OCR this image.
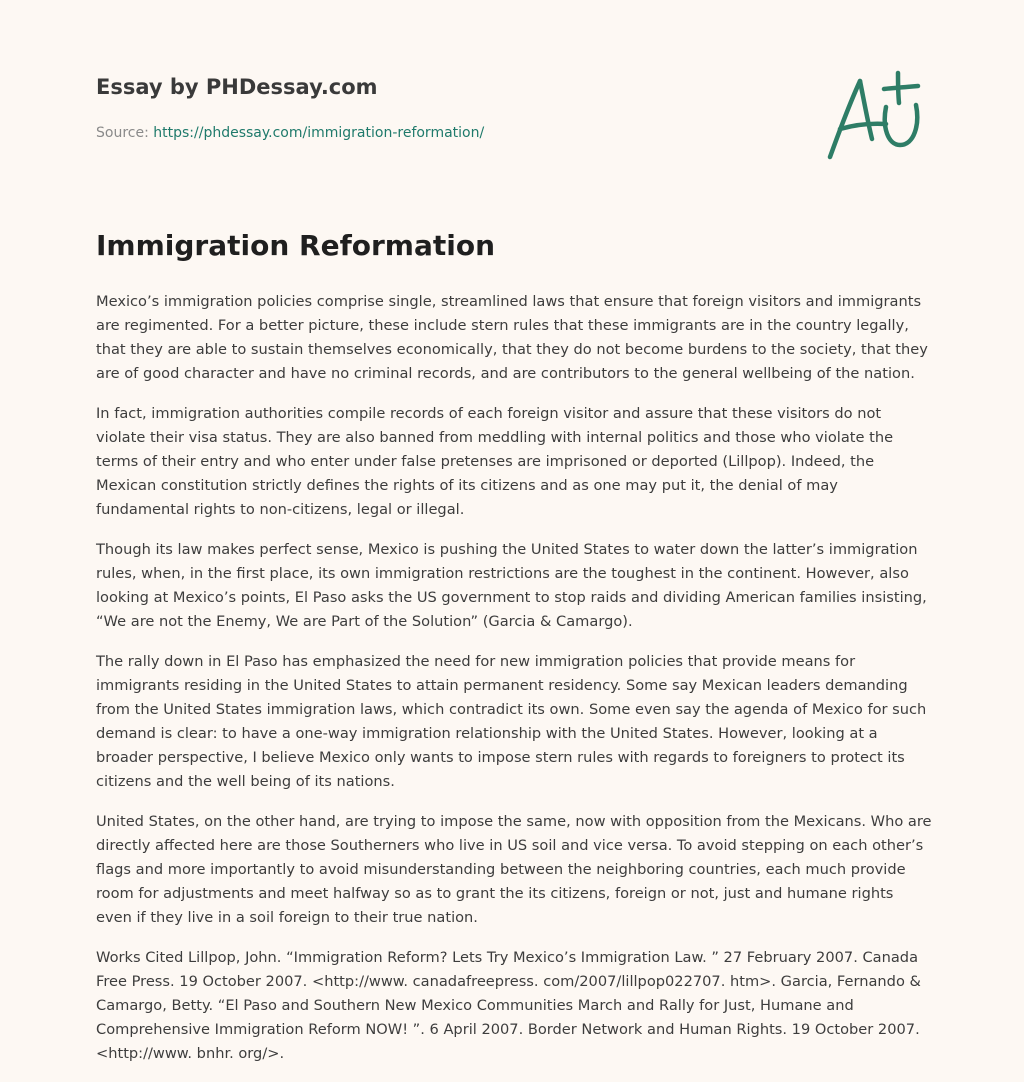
Essay by PHDessay.com
Source: https://phdessay.com/immigration-reformation/
Immigration Reformation

Mexico’s immigration policies comprise single, streamlined laws that ensure that foreign visitors and immigrants are regimented. For a better picture, these include stern rules that these immigrants are in the country legally, that they are able to sustain themselves economically, that they do not become burdens to the society, that they are of good character and have no criminal records, and are contributors to the general wellbeing of the nation.

In fact, immigration authorities compile records of each foreign visitor and assure that these visitors do not violate their visa status. They are also banned from meddling with internal politics and those who violate the terms of their entry and who enter under false pretenses are imprisoned or deported (Lillpop). Indeed, the Mexican constitution strictly defines the rights of its citizens and as one may put it, the denial of may fundamental rights to non-citizens, legal or illegal.

Though its law makes perfect sense, Mexico is pushing the United States to water down the latter’s immigration rules, when, in the first place, its own immigration restrictions are the toughest in the continent. However, also looking at Mexico’s points, El Paso asks the US government to stop raids and dividing American families insisting, “We are not the Enemy, We are Part of the Solution” (Garcia & Camargo).

The rally down in El Paso has emphasized the need for new immigration policies that provide means for immigrants residing in the United States to attain permanent residency. Some say Mexican leaders demanding from the United States immigration laws, which contradict its own. Some even say the agenda of Mexico for such demand is clear: to have a one-way immigration relationship with the United States. However, looking at a broader perspective, I believe Mexico only wants to impose stern rules with regards to foreigners to protect its citizens and the well being of its nations.

United States, on the other hand, are trying to impose the same, now with opposition from the Mexicans. Who are directly affected here are those Southerners who live in US soil and vice versa. To avoid stepping on each other’s flags and more importantly to avoid misunderstanding between the neighboring countries, each much provide room for adjustments and meet halfway so as to grant the its citizens, foreign or not, just and humane rights even if they live in a soil foreign to their true nation.

Works Cited Lillpop, John. “Immigration Reform? Lets Try Mexico’s Immigration Law. ” 27 February 2007. Canada Free Press. 19 October 2007. <http://www. canadafreepress. com/2007/lillpop022707. htm>. Garcia, Fernando & Camargo, Betty. “El Paso and Southern New Mexico Communities March and Rally for Just, Humane and Comprehensive Immigration Reform NOW! ”. 6 April 2007. Border Network and Human Rights. 19 October 2007. <http://www. bnhr. org/>.
